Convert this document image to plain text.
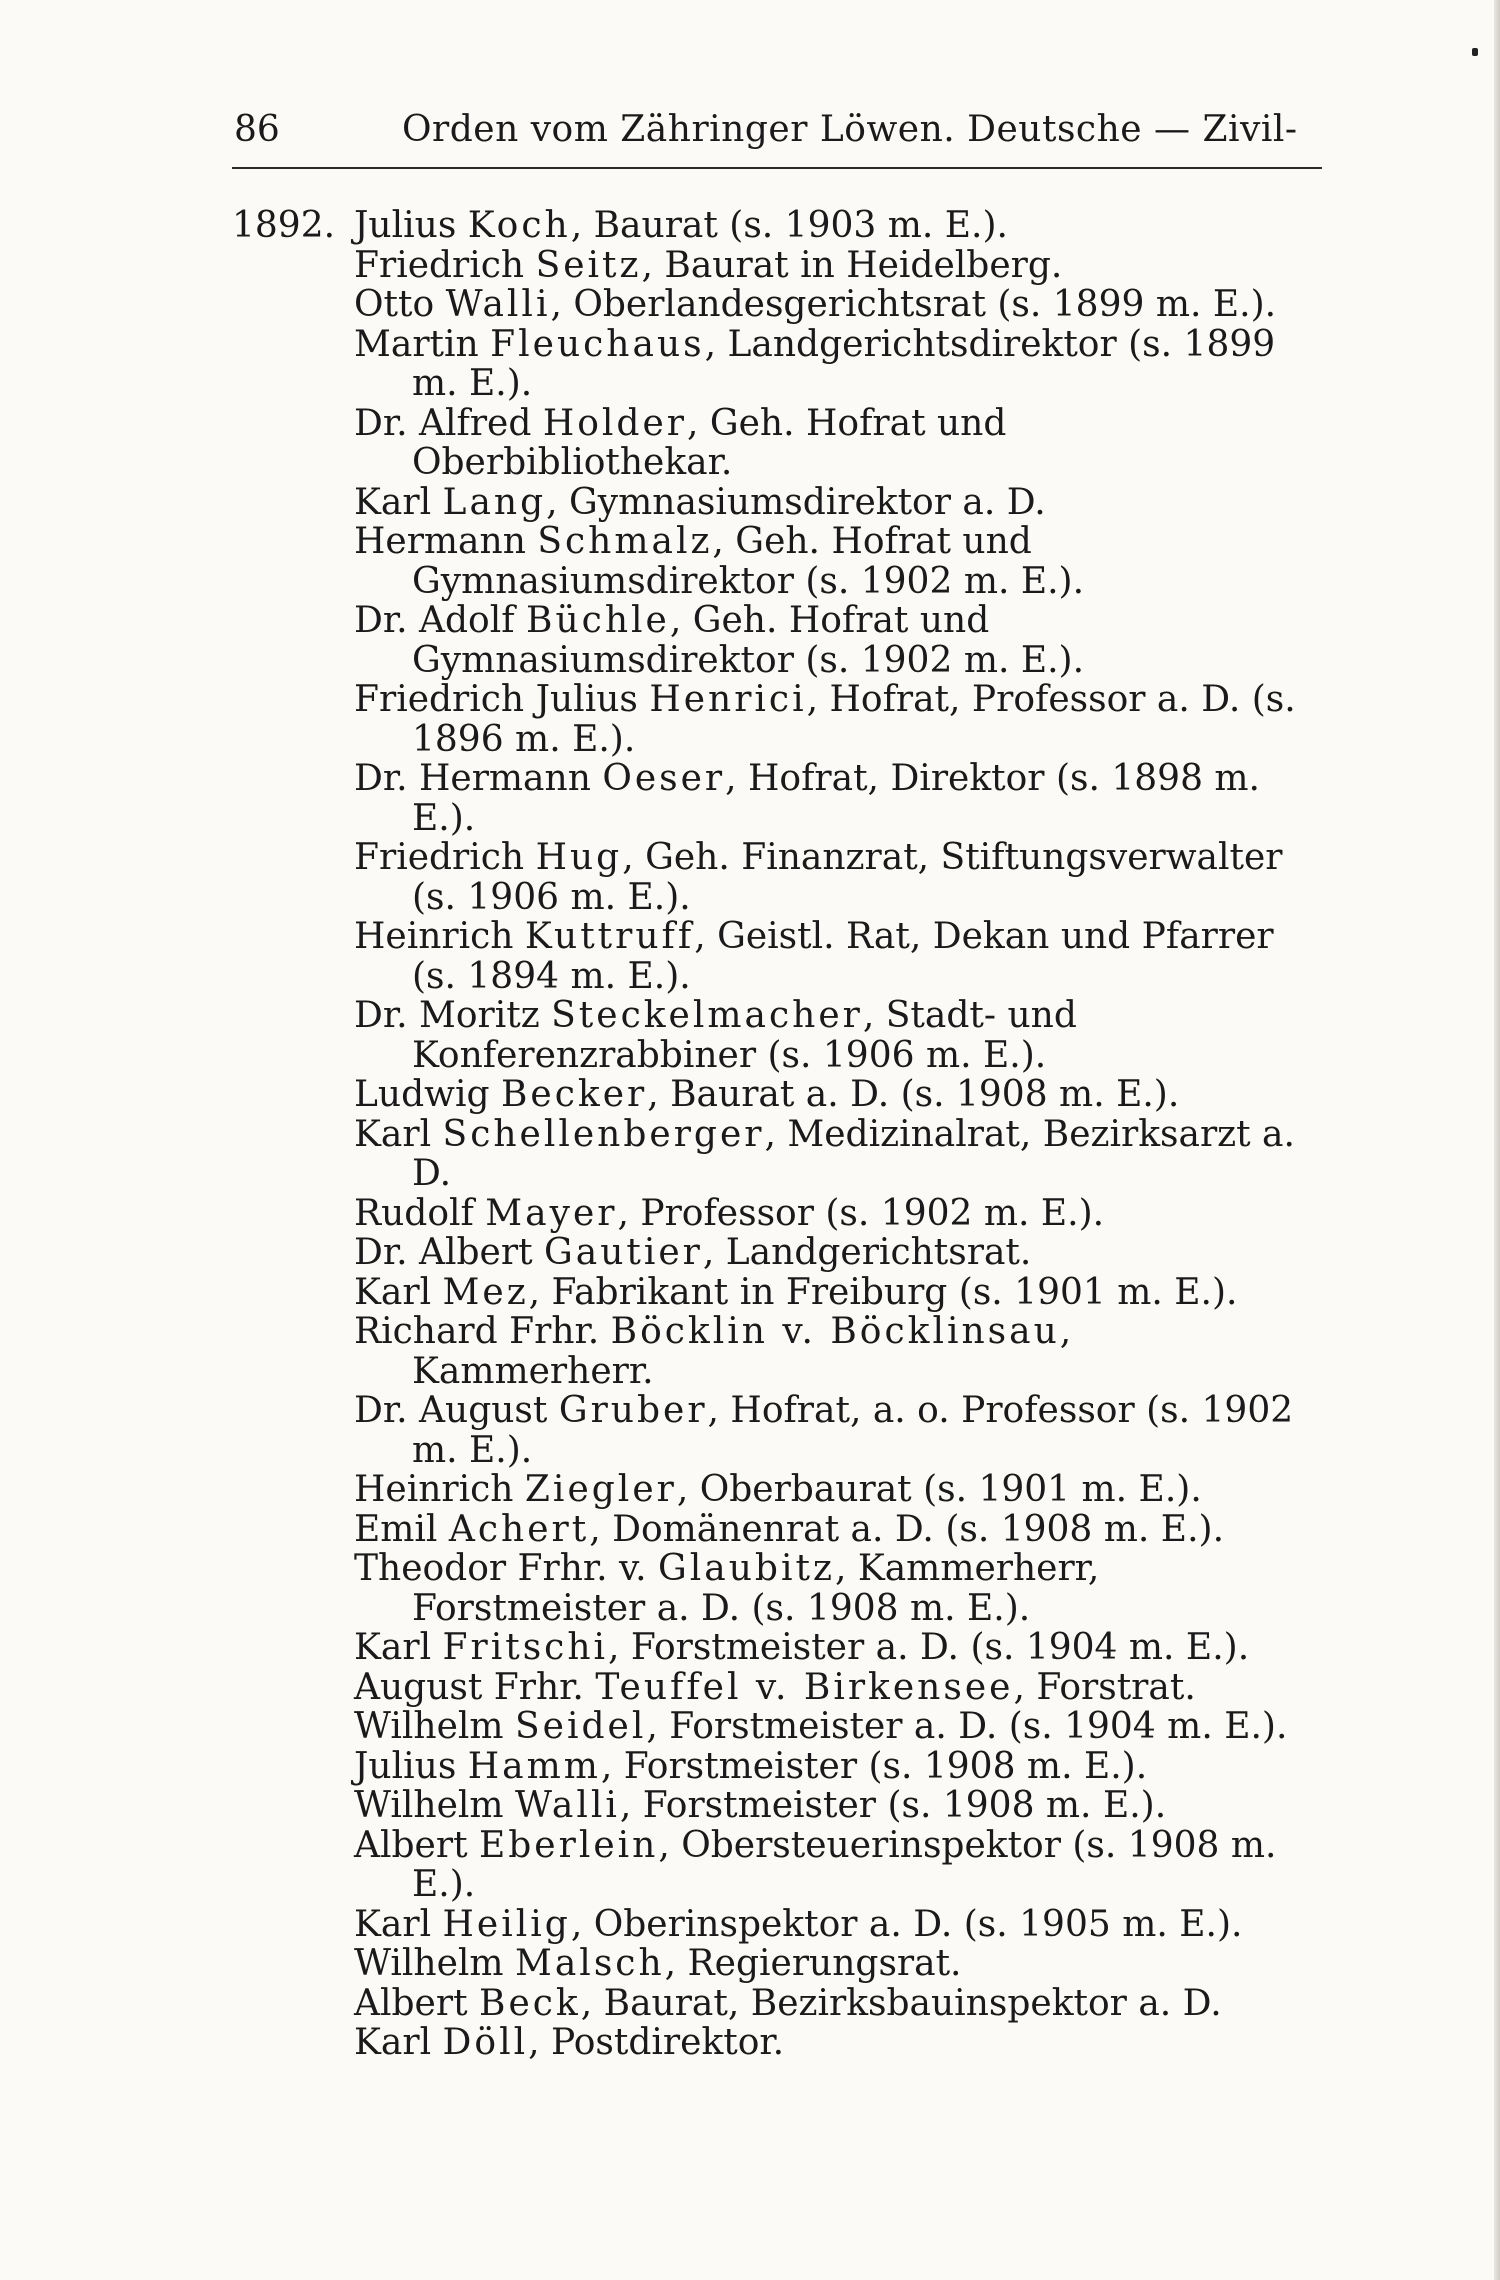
86	Orden vom Zähringer Löwen. Deutsche — Zivil-
1892. Julius Koch, Baurat (s. 1903 m. E.).
Friedrich Seitz, Baurat in Heidelberg.
Otto Walli, Oberlandesgerichtsrat (s. 1899 m. E.).
Martin Fleuchaus, Landgerichtsdirektor (s. 1899 m. E.).
Dr. Alfred Holder, Geh. Hofrat und Oberbibliothekar.
Karl Lang, Gymnasiumsdirektor a. D.
Hermann Schmalz, Geh. Hofrat und Gymnasiumsdirektor (s. 1902 m. E.).
Dr. Adolf Büchle, Geh. Hofrat und Gymnasiumsdirektor (s. 1902 m. E.).
Friedrich Julius Henrici, Hofrat, Professor a. D. (s. 1896 m. E.).
Dr. Hermann Oeser, Hofrat, Direktor (s. 1898 m. E.).
Friedrich Hug, Geh. Finanzrat, Stiftungsverwalter (s. 1906 m. E.).
Heinrich Kuttruff, Geistl. Rat, Dekan und Pfarrer (s. 1894 m. E.).
Dr. Moritz Steckelmacher, Stadt- und Konferenzrabbiner (s. 1906 m. E.).
Ludwig Becker, Baurat a. D. (s. 1908 m. E.).
Karl Schellenberger, Medizinalrat, Bezirksarzt a. D.
Rudolf Mayer, Professor (s. 1902 m. E.).
Dr. Albert Gautier, Landgerichtsrat.
Karl Mez, Fabrikant in Freiburg (s. 1901 m. E.).
Richard Frhr. Böcklin v. Böcklinsau, Kammerherr.
Dr. August Gruber, Hofrat, a. o. Professor (s. 1902 m. E.).
Heinrich Ziegler, Oberbaurat (s. 1901 m. E.).
Emil Achert, Domänenrat a. D. (s. 1908 m. E.).
Theodor Frhr. v. Glaubitz, Kammerherr, Forstmeister a. D. (s. 1908 m. E.).
Karl Fritschi, Forstmeister a. D. (s. 1904 m. E.).
August Frhr. Teuffel v. Birkensee, Forstrat.
Wilhelm Seidel, Forstmeister a. D. (s. 1904 m. E.).
Julius Hamm, Forstmeister (s. 1908 m. E.).
Wilhelm Walli, Forstmeister (s. 1908 m. E.).
Albert Eberlein, Obersteuerinspektor (s. 1908 m. E.).
Karl Heilig, Oberinspektor a. D. (s. 1905 m. E.).
Wilhelm Malsch, Regierungsrat.
Albert Beck, Baurat, Bezirksbauinspektor a. D.
Karl Döll, Postdirektor.
